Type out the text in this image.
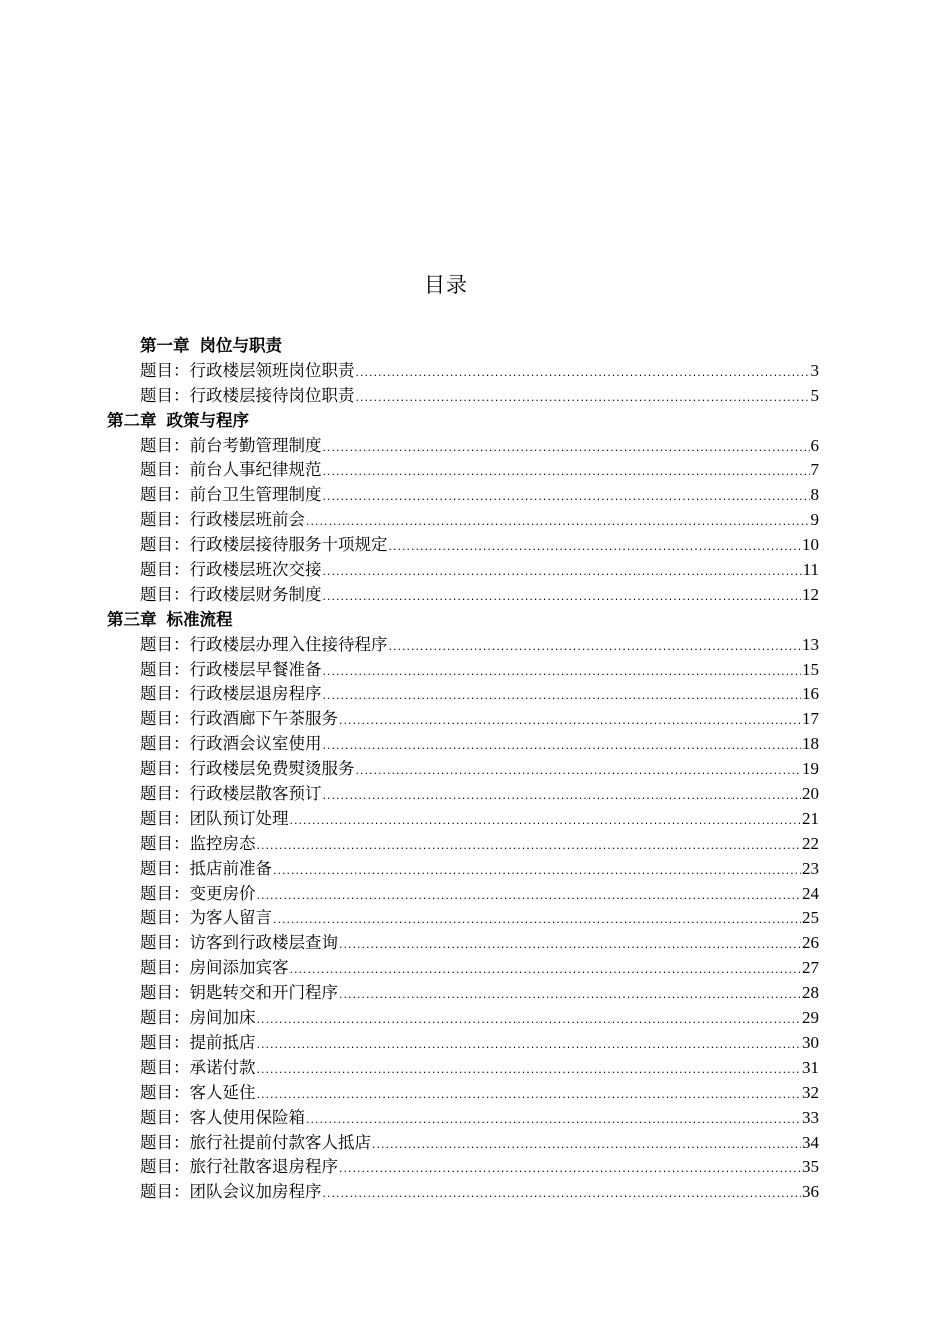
目录
第一章 岗位与职责
题目 ： 行政楼层领班岗位职责 .....	3
题目 ： 行政楼层接待岗位职责 .....	5
第二章 政策与程序
题目 ： 前台考勤管理制度 .....	6
题目 ： 前台人事纪律规范 .....	7
题目 ： 前台卫生管理制度 .....	8
题目 ： 行政楼层班前会 .....	9
题目 ： 行政楼层接待服务十项规定 .....	10
题目 ： 行政楼层班次交接 .....	11
题目 ： 行政楼层财务制度 .....	12
第三章 标准流程
题目 ： 行政楼层办理入住接待程序 .....	13
题目 ： 行政楼层早餐准备 .....	15
题目 ： 行政楼层退房程序 .....	16
题目 ： 行政酒廊下午茶服务 .....	17
题目 ： 行政酒会议室使用 .....	18
题目 ： 行政楼层免费熨烫服务 .....	19
题目 ： 行政楼层散客预订 .....	20
题目 ： 团队预订处理 .....	21
题目 ： 监控房态 .....	22
题目 ： 抵店前准备 .....	23
题目 ： 变更房价 .....	24
题目 ： 为客人留言 .....	25
题目 ： 访客到行政楼层查询 .....	26
题目 ： 房间添加宾客 .....	27
题目 ： 钥匙转交和开门程序 .....	28
题目 ： 房间加床 .....	29
题目 ： 提前抵店 .....	30
题目 ： 承诺付款 .....	31
题目 ： 客人延住 .....	32
题目 ： 客人使用保险箱 .....	33
题目 ： 旅行社提前付款客人抵店 .....	34
题目 ： 旅行社散客退房程序 .....	35
题目 ： 团队会议加房程序 .....	36
